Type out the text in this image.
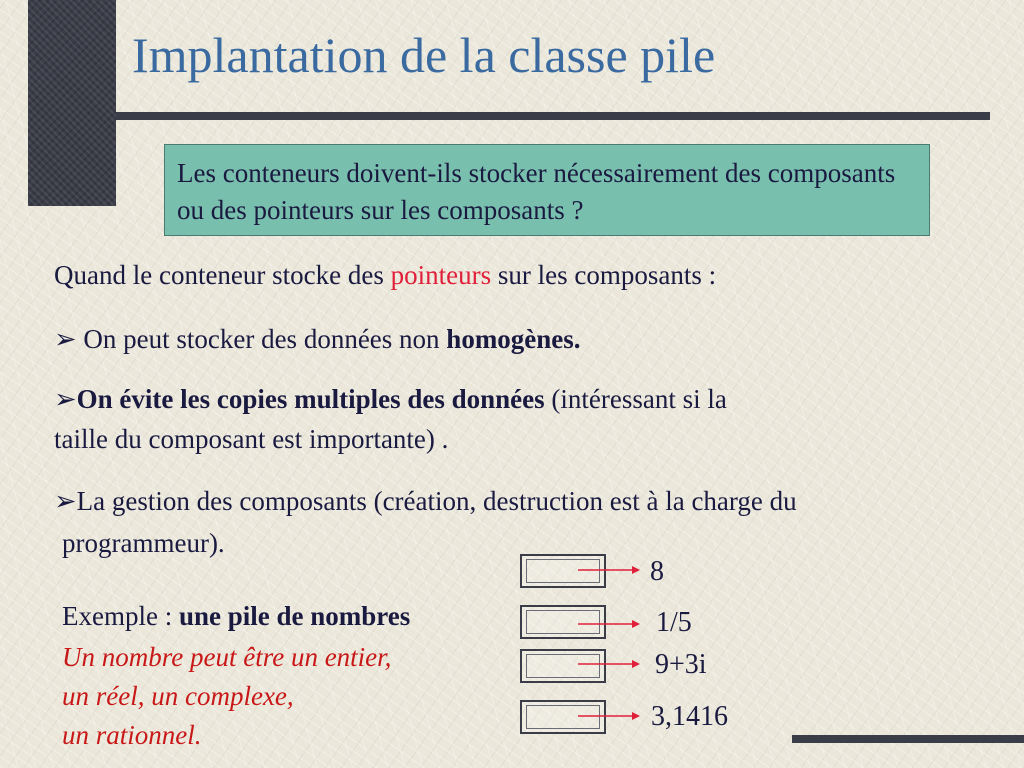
Implantation de la classe pile
Les conteneurs doivent-ils stocker nécessairement des composants ou des pointeurs sur les composants ?
Quand le conteneur stocke des pointeurs sur les composants :
➢ On peut stocker des données non homogènes.
➢On évite les copies multiples des données (intéressant si la
taille du composant est importante) .
➢La gestion des composants (création, destruction est à la charge du
programmeur).
Exemple : une pile de nombres
Un nombre peut être un entier,
un réel, un complexe,
un rationnel.
8
1/5
9+3i
3,1416
